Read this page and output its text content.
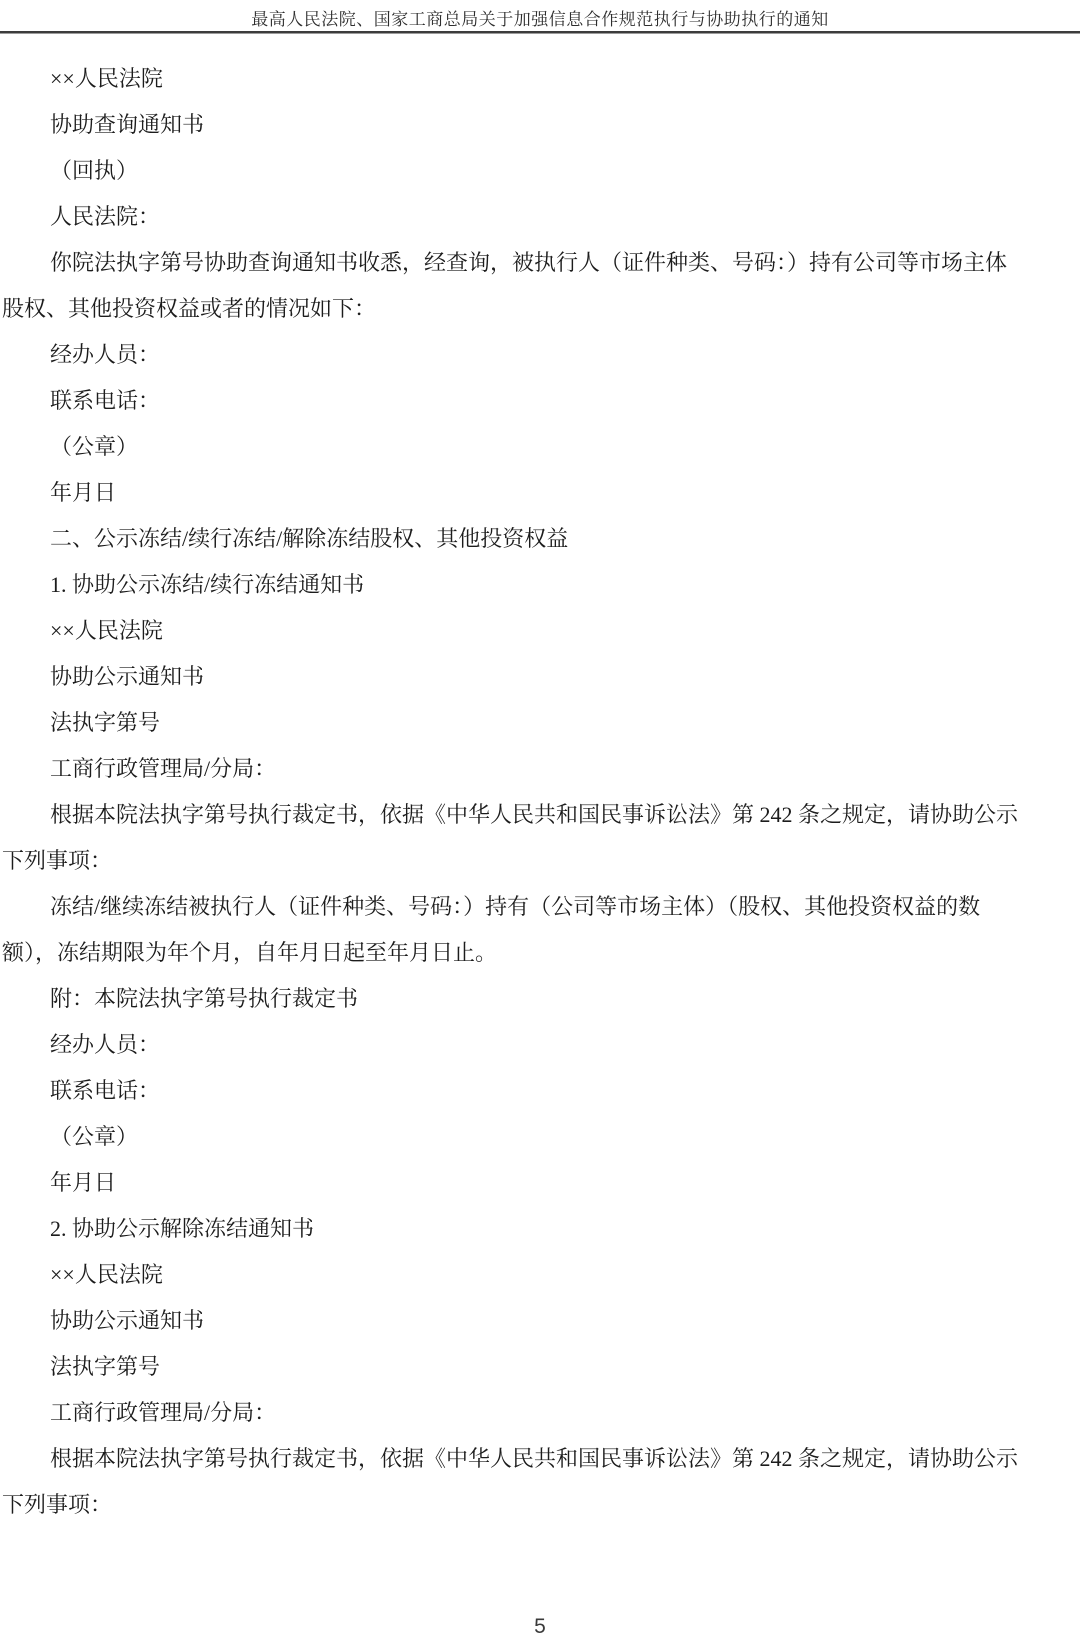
最高人民法院、国家工商总局关于加强信息合作规范执行与协助执行的通知
××人民法院
协助查询通知书
（回执）
人民法院：
你院法执字第号协助查询通知书收悉，经查询，被执行人（证件种类、号码：）持有公司等市场主体
股权、其他投资权益或者的情况如下：
经办人员：
联系电话：
（公章）
年月日
二、公示冻结/续行冻结/解除冻结股权、其他投资权益
1. 协助公示冻结/续行冻结通知书
××人民法院
协助公示通知书
法执字第号
工商行政管理局/分局：
根据本院法执字第号执行裁定书，依据《中华人民共和国民事诉讼法》第 242 条之规定，请协助公示
下列事项：
冻结/继续冻结被执行人（证件种类、号码：）持有（公司等市场主体）（股权、其他投资权益的数
额），冻结期限为年个月，自年月日起至年月日止。
附：本院法执字第号执行裁定书
经办人员：
联系电话：
（公章）
年月日
2. 协助公示解除冻结通知书
××人民法院
协助公示通知书
法执字第号
工商行政管理局/分局：
根据本院法执字第号执行裁定书，依据《中华人民共和国民事诉讼法》第 242 条之规定，请协助公示
下列事项：
5
